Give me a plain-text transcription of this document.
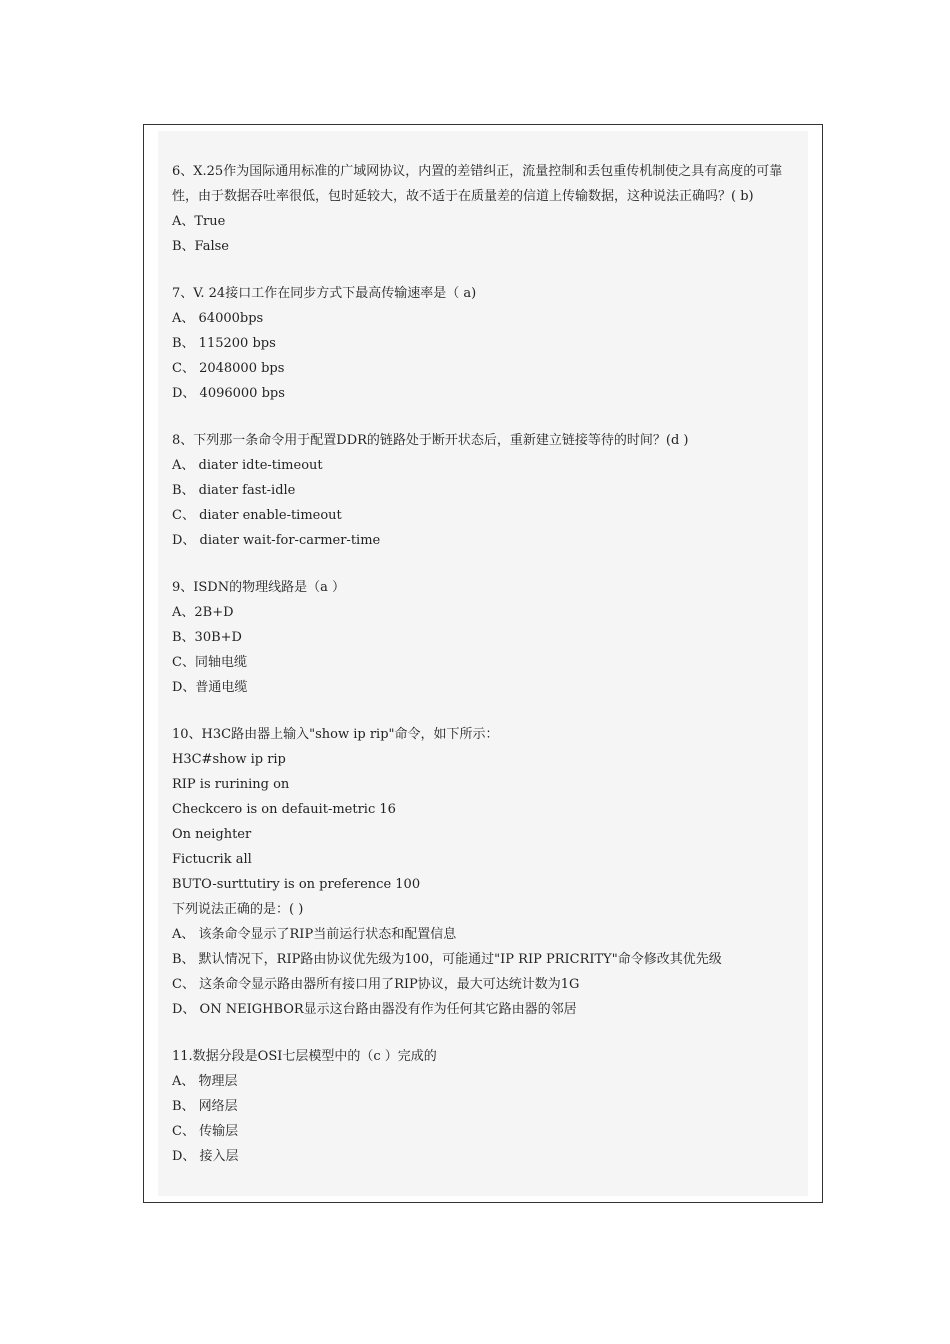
6、X.25作为国际通用标准的广域网协议，内置的差错纠正，流量控制和丢包重传机制使之具有高度的可靠性，由于数据吞吐率很低，包时延较大，故不适于在质量差的信道上传输数据，这种说法正确吗？( b)

A、True

B、False

7、V. 24接口工作在同步方式下最高传输速率是（ a)

A、 64000bps

B、 115200 bps

C、 2048000 bps

D、 4096000 bps

8、下列那一条命令用于配置DDR的链路处于断开状态后，重新建立链接等待的时间？(d )

A、 diater idte-timeout

B、 diater fast-idle

C、 diater enable-timeout

D、 diater wait-for-carmer-time

9、ISDN的物理线路是（a ）

A、2B+D

B、30B+D

C、同轴电缆

D、普通电缆

10、H3C路由器上输入"show ip rip"命令，如下所示：

H3C#show ip rip

RIP is rurining on

Checkcero is on defauit-metric 16

On neighter

Fictucrik all

BUTO-surttutiry is on preference 100

下列说法正确的是：( )

A、 该条命令显示了RIP当前运行状态和配置信息

B、 默认情况下，RIP路由协议优先级为100，可能通过"IP RIP PRICRITY"命令修改其优先级

C、 这条命令显示路由器所有接口用了RIP协议，最大可达统计数为1G

D、 ON NEIGHBOR显示这台路由器没有作为任何其它路由器的邻居

11.数据分段是OSI七层模型中的（c ）完成的

A、 物理层

B、 网络层

C、 传输层

D、 接入层
